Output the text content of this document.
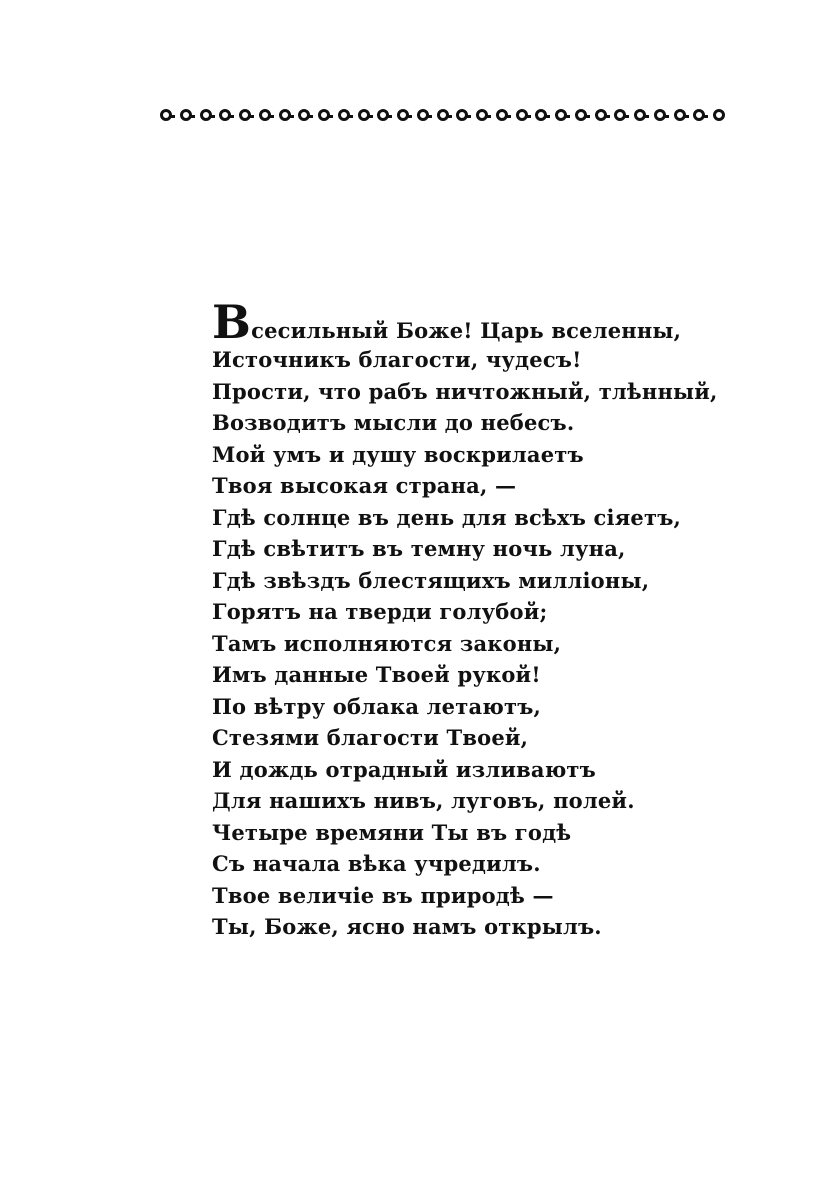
Всесильный Боже! Царь вселенны,
Источникъ благости, чудесъ!
Прости, что рабъ ничтожный, тлѣнный,
Возводитъ мысли до небесъ.
Мой умъ и душу воскрилаетъ
Твоя высокая страна, —
Гдѣ солнце въ день для всѣхъ сіяетъ,
Гдѣ свѣтитъ въ темну ночь луна,
Гдѣ звѣздъ блестящихъ милліоны,
Горятъ на тверди голубой;
Тамъ исполняются законы,
Имъ данные Твоей рукой!
По вѣтру облака летаютъ,
Стезями благости Твоей,
И дождь отрадный изливаютъ
Для нашихъ нивъ, луговъ, полей.
Четыре времяни Ты въ годѣ
Съ начала вѣка учредилъ.
Твое величіе въ природѣ —
Ты, Боже, ясно намъ открылъ.
